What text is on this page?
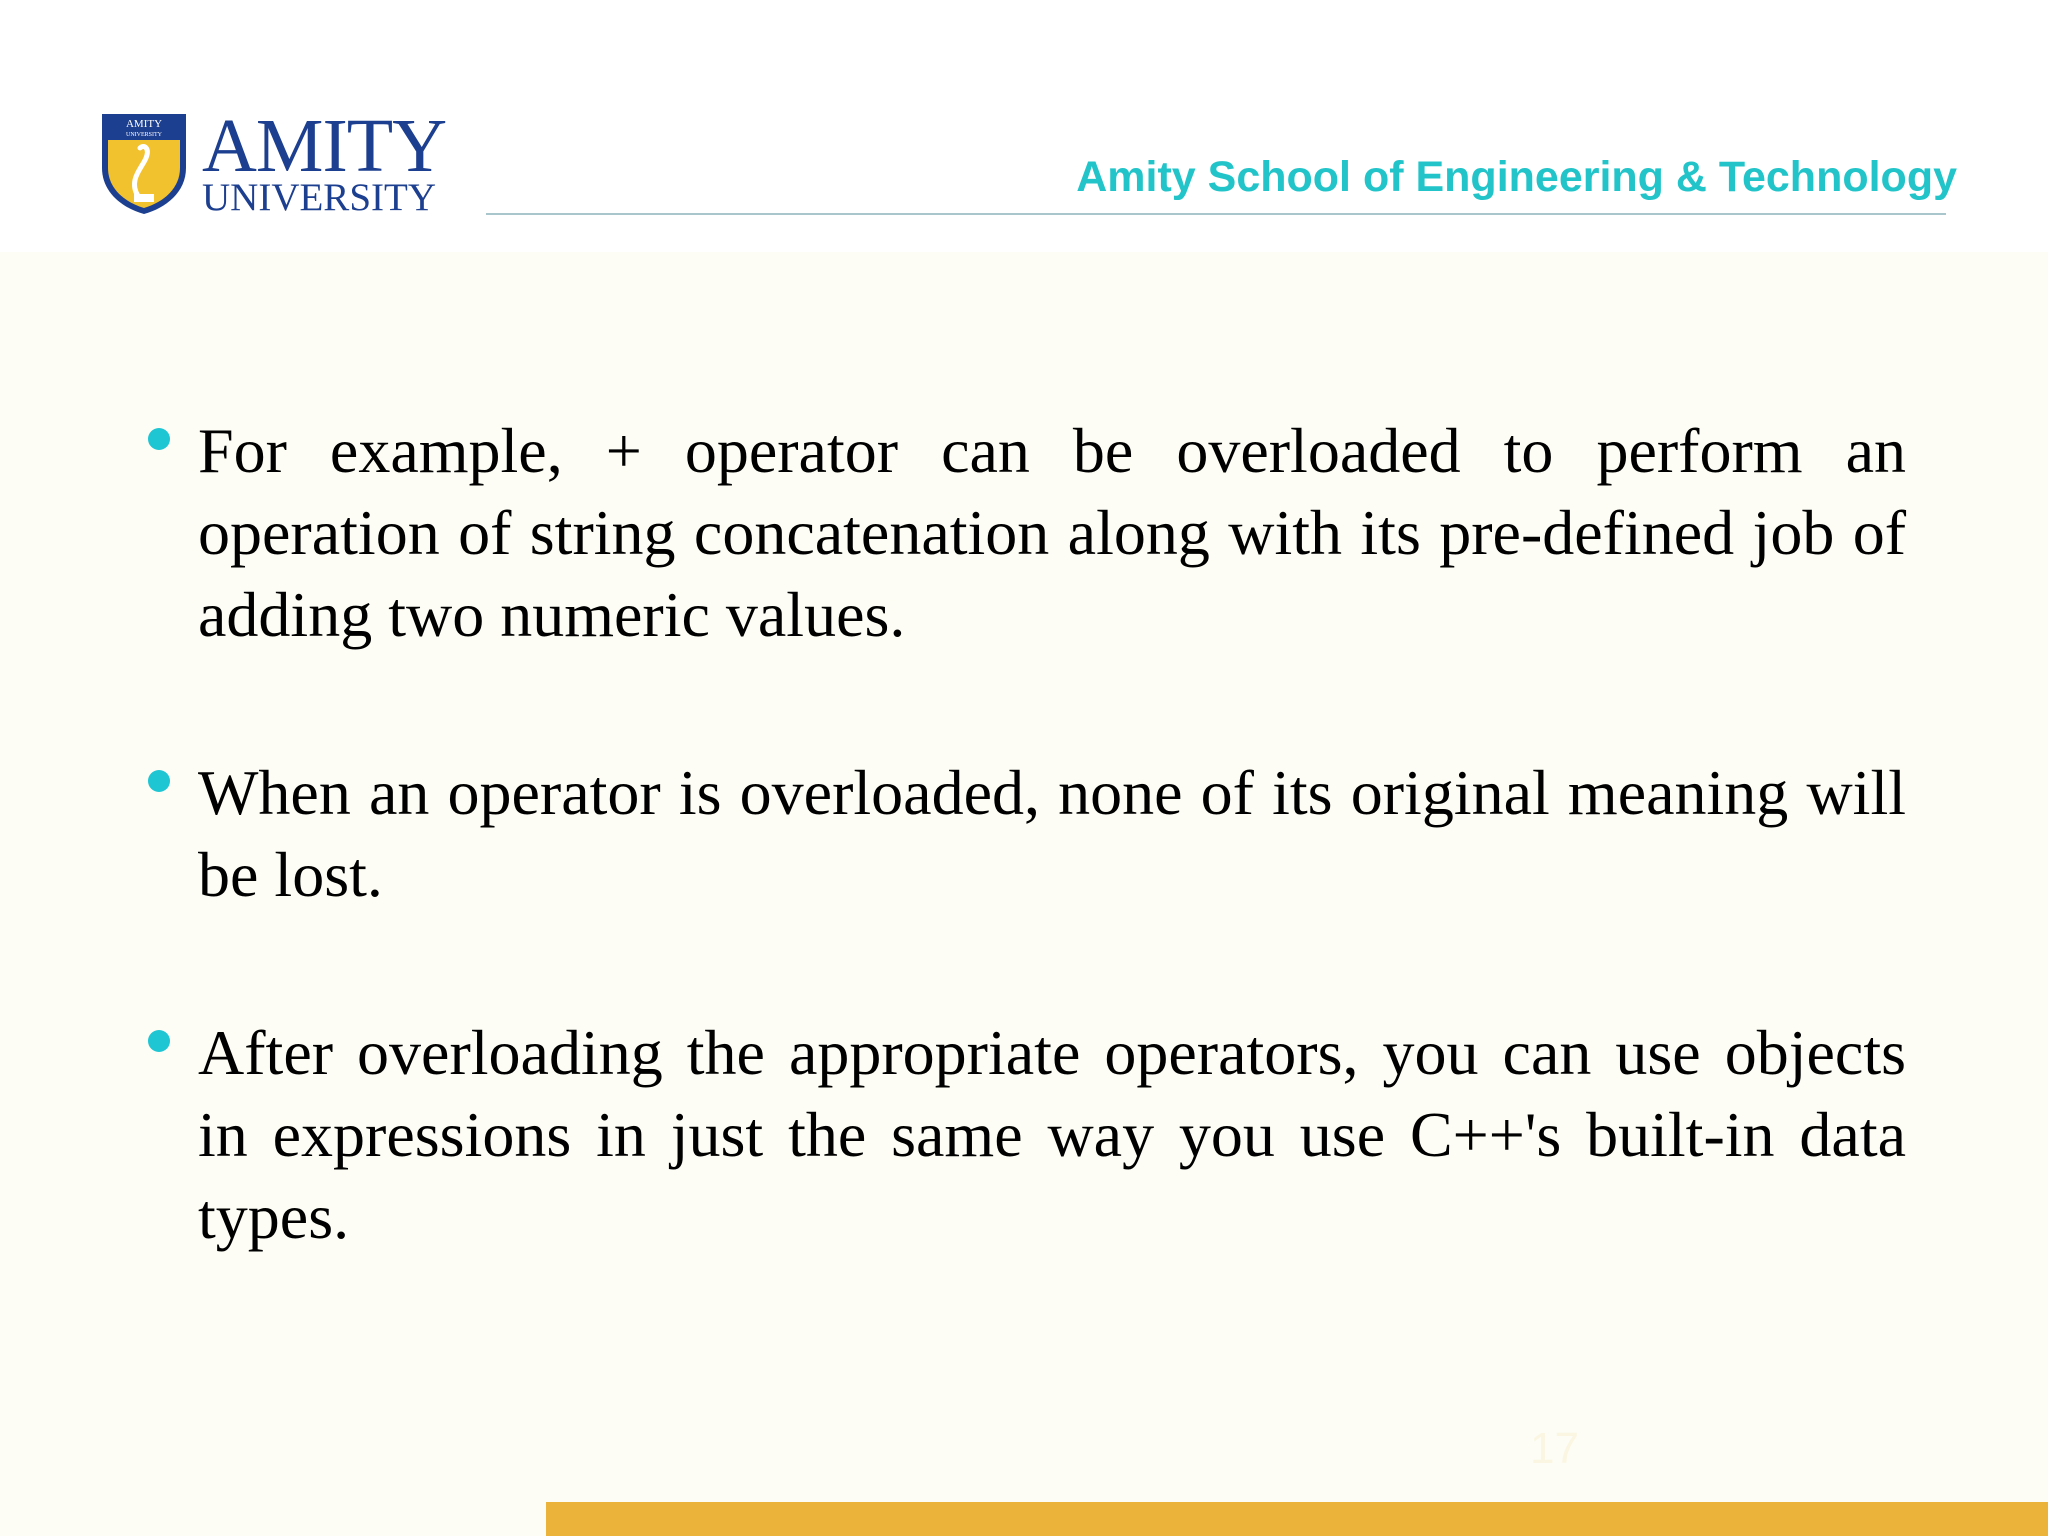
AMITY
UNIVERSITY AMITY
UNIVERSITY	Amity School of Engineering & Technology

For example, + operator can be overloaded to perform an operation of string concatenation along with its pre-defined job of adding two numeric values.

When an operator is overloaded, none of its original meaning will be lost.

After overloading the appropriate operators, you can use objects in expressions in just the same way you use C++'s built-in data types.

17
